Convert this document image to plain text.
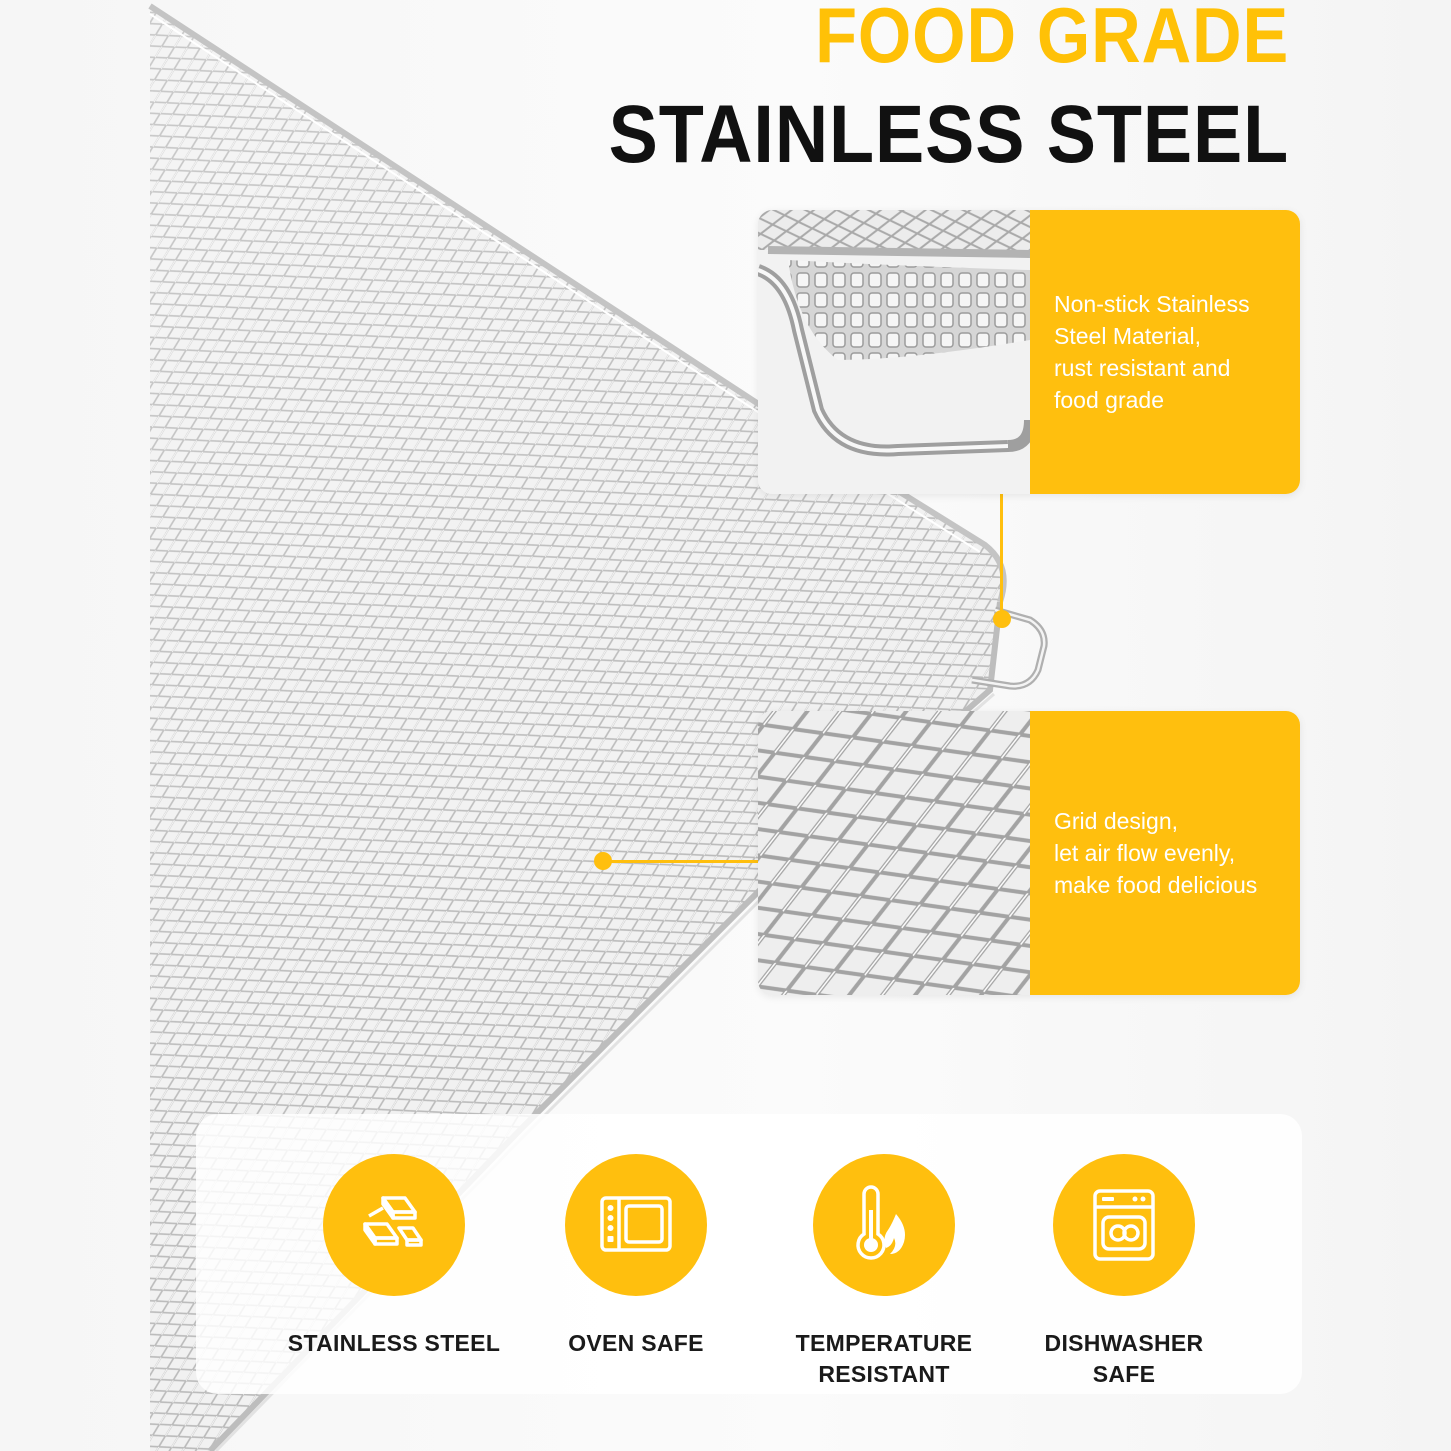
FOOD GRADE
STAINLESS STEEL
Non-stick Stainless
Steel Material,
rust resistant and
food grade
Grid design,
let air flow evenly,
make food delicious
STAINLESS STEEL	OVEN SAFE	TEMPERATURE
RESISTANT
DISHWASHER
SAFE
